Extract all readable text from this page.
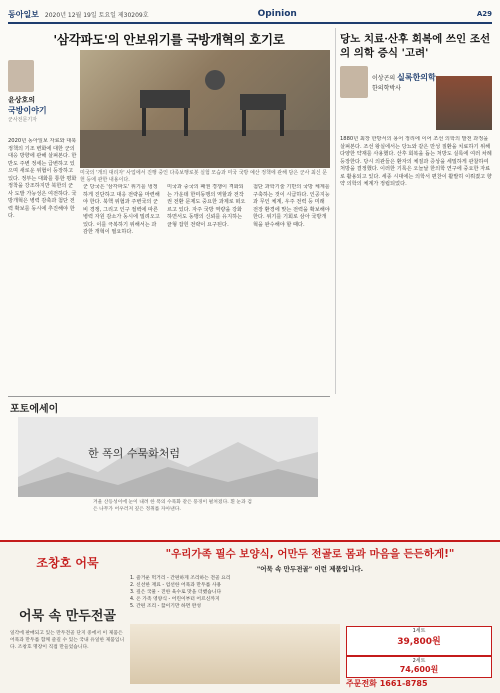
동아일보 2020년 12월 19일 토요일 제30209호	Opinion	A29
'삼각파도'의 안보위기를 국방개혁의 호기로
윤상호의
국방이야기
군사전문기자
미국의 '개의 대리자' 사업에서 진행 중인 다족보행로봇 실험 모습과 미국 국방 예산 정책에 관해 담은 군사 최신 문헌 등에 관한 내용이다.
2020년 동아일보 자료와 대북 정책의 기조 변화에 대한 군의 대응 방향에 관해 살펴본다. 한반도 주변 정세는 급변하고 있으며 새로운 위협이 등장하고 있다. 정부는 대화를 통한 평화 정착을 강조하지만 북한의 군사 도발 가능성은 여전하다. 국방개혁은 병력 감축과 첨단 전력 확보를 동시에 추진해야 한다.
군 당국은 '삼각파도' 위기를 냉정하게 진단하고 대응 전략을 마련해야 한다. 북핵 위협과 주변국의 군비 경쟁, 그리고 인구 절벽에 따른 병력 자원 감소가 동시에 밀려오고 있다. 이를 극복하기 위해서는 과감한 개혁이 필요하다.
미국과 중국의 패권 경쟁이 격화되는 가운데 한미동맹의 역할과 전작권 전환 문제도 중요한 과제로 떠오르고 있다. 자주 국방 역량을 강화하면서도 동맹의 신뢰를 유지하는 균형 잡힌 전략이 요구된다.
첨단 과학기술 기반의 국방 체계를 구축하는 것이 시급하다. 인공지능과 무인 체계, 우주 전력 등 미래 전장 환경에 맞는 전력을 확보해야 한다. 위기를 기회로 삼아 국방개혁을 완수해야 할 때다.
당노 치료·산후 회복에 쓰인 조선의 의학 증식 '고려'
이상곤의 실록한의학
한의학박사
1880년 최장 한방서의 용어 정리에 이어 조선 의학의 발전 과정을 살펴본다. 조선 왕실에서는 당뇨와 같은 만성 질환을 치료하기 위해 다양한 약재를 사용했다. 산후 회복을 돕는 처방도 실록에 여러 차례 등장한다. 당시 의관들은 환자의 체질과 증상을 세밀하게 관찰하여 처방을 결정했다. 이러한 기록은 오늘날 한의학 연구에 중요한 자료로 활용되고 있다. 세종 시대에는 의학서 편찬이 활발히 이뤄졌고 향약 의학의 체계가 정립되었다.
포토에세이
한 폭의 수묵화처럼
겨울 산등성이에 눈이 내려 한 폭의 수묵화 같은 풍경이 펼쳐졌다. 흰 눈과 검은 나무가 어우러져 깊은 정취를 자아낸다.
조창호 어묵
어묵 속 만두전골
일각에 판매되고 있는 만두전골 단지 중에서 이 제품은 어묵과 만두를 함께 즐길 수 있는 국내 유일한 제품입니다. 조창호 명장이 직접 만들었습니다.
"우리가족 필수 보양식, 어만두 전골로 몸과 마음을 든든하게!"
"어묵 속 만두전골" 이런 제품입니다.
1. 즐거운 먹거리 - 간편하게 조리하는 전골 요리
2. 신선한 재료 - 엄선한 어묵과 만두를 사용
3. 깊은 국물 - 진한 육수로 맛을 더했습니다
4. 온 가족 영양식 - 어린이부터 어르신까지
5. 간편 조리 - 끓이기만 하면 완성
1세트
39,800원
2세트
74,600원
주문전화 1661-8785
